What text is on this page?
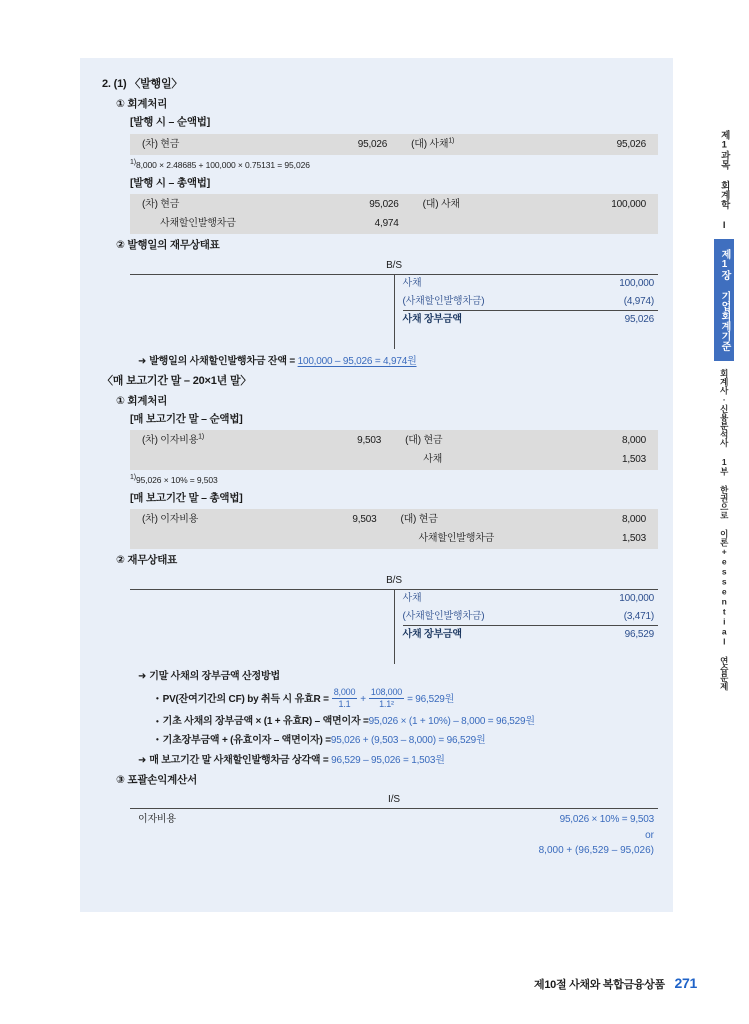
2. (1) 〈발행일〉
① 회계처리
[발행 시 – 순액법]
(차) 현금	95,026	(대) 사채$^{1)}$	95,026
$^{1)}$8,000 × 2.48685 + 100,000 × 0.75131 = 95,026
[발행 시 – 총액법]
(차) 현금	95,026	(대) 사채	100,000
사채할인발행차금	4,974		
② 발행일의 재무상태표
B/S
사채	100,000
(사채할인발행차금)	(4,974)
사채 장부금액	95,026
➜ 발행일의 사채할인발행차금 잔액 = 100,000 – 95,026 = 4,974원
〈매 보고기간 말 – 20×1년 말〉
① 회계처리
[매 보고기간 말 – 순액법]
(차) 이자비용$^{1)}$	9,503	(대) 현금	8,000
		사채	1,503
$^{1)}$95,026 × 10% = 9,503
[매 보고기간 말 – 총액법]
(차) 이자비용	9,503	(대) 현금	8,000
		사채할인발행차금	1,503
② 재무상태표
B/S
사채	100,000
(사채할인발행차금)	(3,471)
사채 장부금액	96,529
➜ 기말 사채의 장부금액 산정방법
• PV(잔여기간의 CF) by 취득 시 유효$R = \frac{8,000}{1.1} + \frac{108,000}{\text{1.1²}} = 96,529$원
• 기초 사채의 장부금액 × (1 + 유효R) – 액면이자 = 95,026 × (1 + 10%) – 8,000 = 96,529원
• 기초장부금액 + (유효이자 – 액면이자) = 95,026 + (9,503 – 8,000) = 96,529원
➜ 매 보고기간 말 사채할인발행차금 상각액 = 96,529 – 95,026 = 1,503원
③ 포괄손익계산서
I/S
이자비용	95,026 × 10% = 9,503
or
8,000 + (96,529 – 95,026)
제1과목 회계학 I
제1장 기업회계기준
회계사·신용분석사 1부 한권으로 이론+essential 연습문제
제10절 사채와 복합금융상품 271
